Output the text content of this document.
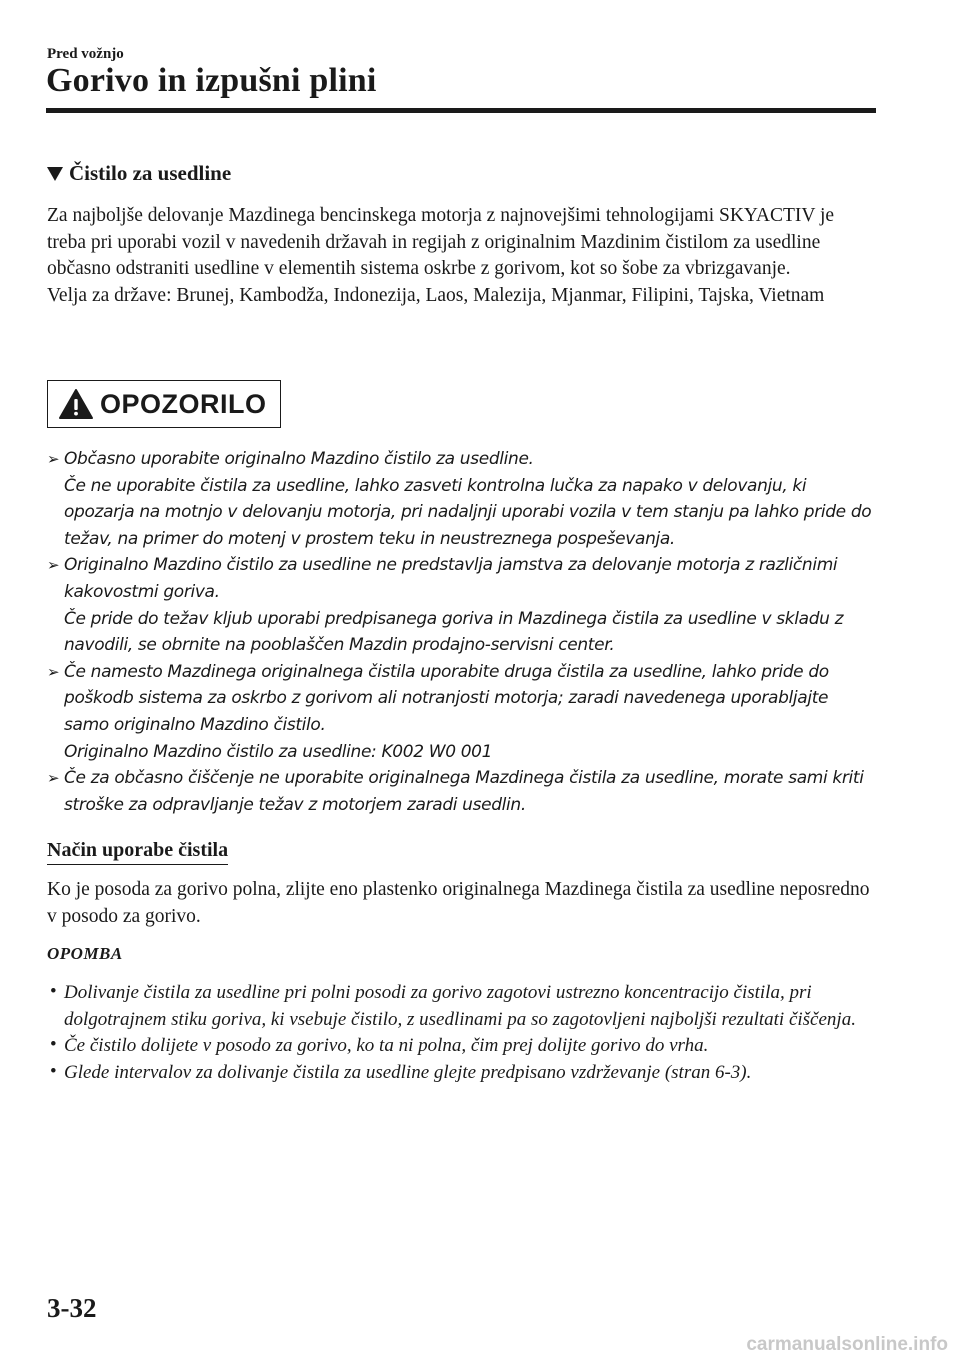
Pred vožnjo
Gorivo in izpušni plini
Čistilo za usedline
Za najboljše delovanje Mazdinega bencinskega motorja z najnovejšimi tehnologijami SKYACTIV je treba pri uporabi vozil v navedenih državah in regijah z originalnim Mazdinim čistilom za usedline občasno odstraniti usedline v elementih sistema oskrbe z gorivom, kot so šobe za vbrizgavanje.
Velja za države: Brunej, Kambodža, Indonezija, Laos, Malezija, Mjanmar, Filipini, Tajska, Vietnam
OPOZORILO
➢ Občasno uporabite originalno Mazdino čistilo za usedline.
Če ne uporabite čistila za usedline, lahko zasveti kontrolna lučka za napako v delovanju, ki opozarja na motnjo v delovanju motorja, pri nadaljnji uporabi vozila v tem stanju pa lahko pride do težav, na primer do motenj v prostem teku in neustreznega pospeševanja.
➢ Originalno Mazdino čistilo za usedline ne predstavlja jamstva za delovanje motorja z različnimi kakovostmi goriva.
Če pride do težav kljub uporabi predpisanega goriva in Mazdinega čistila za usedline v skladu z navodili, se obrnite na pooblaščen Mazdin prodajno-servisni center.
➢ Če namesto Mazdinega originalnega čistila uporabite druga čistila za usedline, lahko pride do poškodb sistema za oskrbo z gorivom ali notranjosti motorja; zaradi navedenega uporabljajte samo originalno Mazdino čistilo.
Originalno Mazdino čistilo za usedline: K002 W0 001
➢ Če za občasno čiščenje ne uporabite originalnega Mazdinega čistila za usedline, morate sami kriti stroške za odpravljanje težav z motorjem zaradi usedlin.
Način uporabe čistila
Ko je posoda za gorivo polna, zlijte eno plastenko originalnega Mazdinega čistila za usedline neposredno v posodo za gorivo.
OPOMBA
• Dolivanje čistila za usedline pri polni posodi za gorivo zagotovi ustrezno koncentracijo čistila, pri dolgotrajnem stiku goriva, ki vsebuje čistilo, z usedlinami pa so zagotovljeni najboljši rezultati čiščenja.
• Če čistilo dolijete v posodo za gorivo, ko ta ni polna, čim prej dolijte gorivo do vrha.
• Glede intervalov za dolivanje čistila za usedline glejte predpisano vzdrževanje (stran 6-3).
3-32
carmanualsonline.info
